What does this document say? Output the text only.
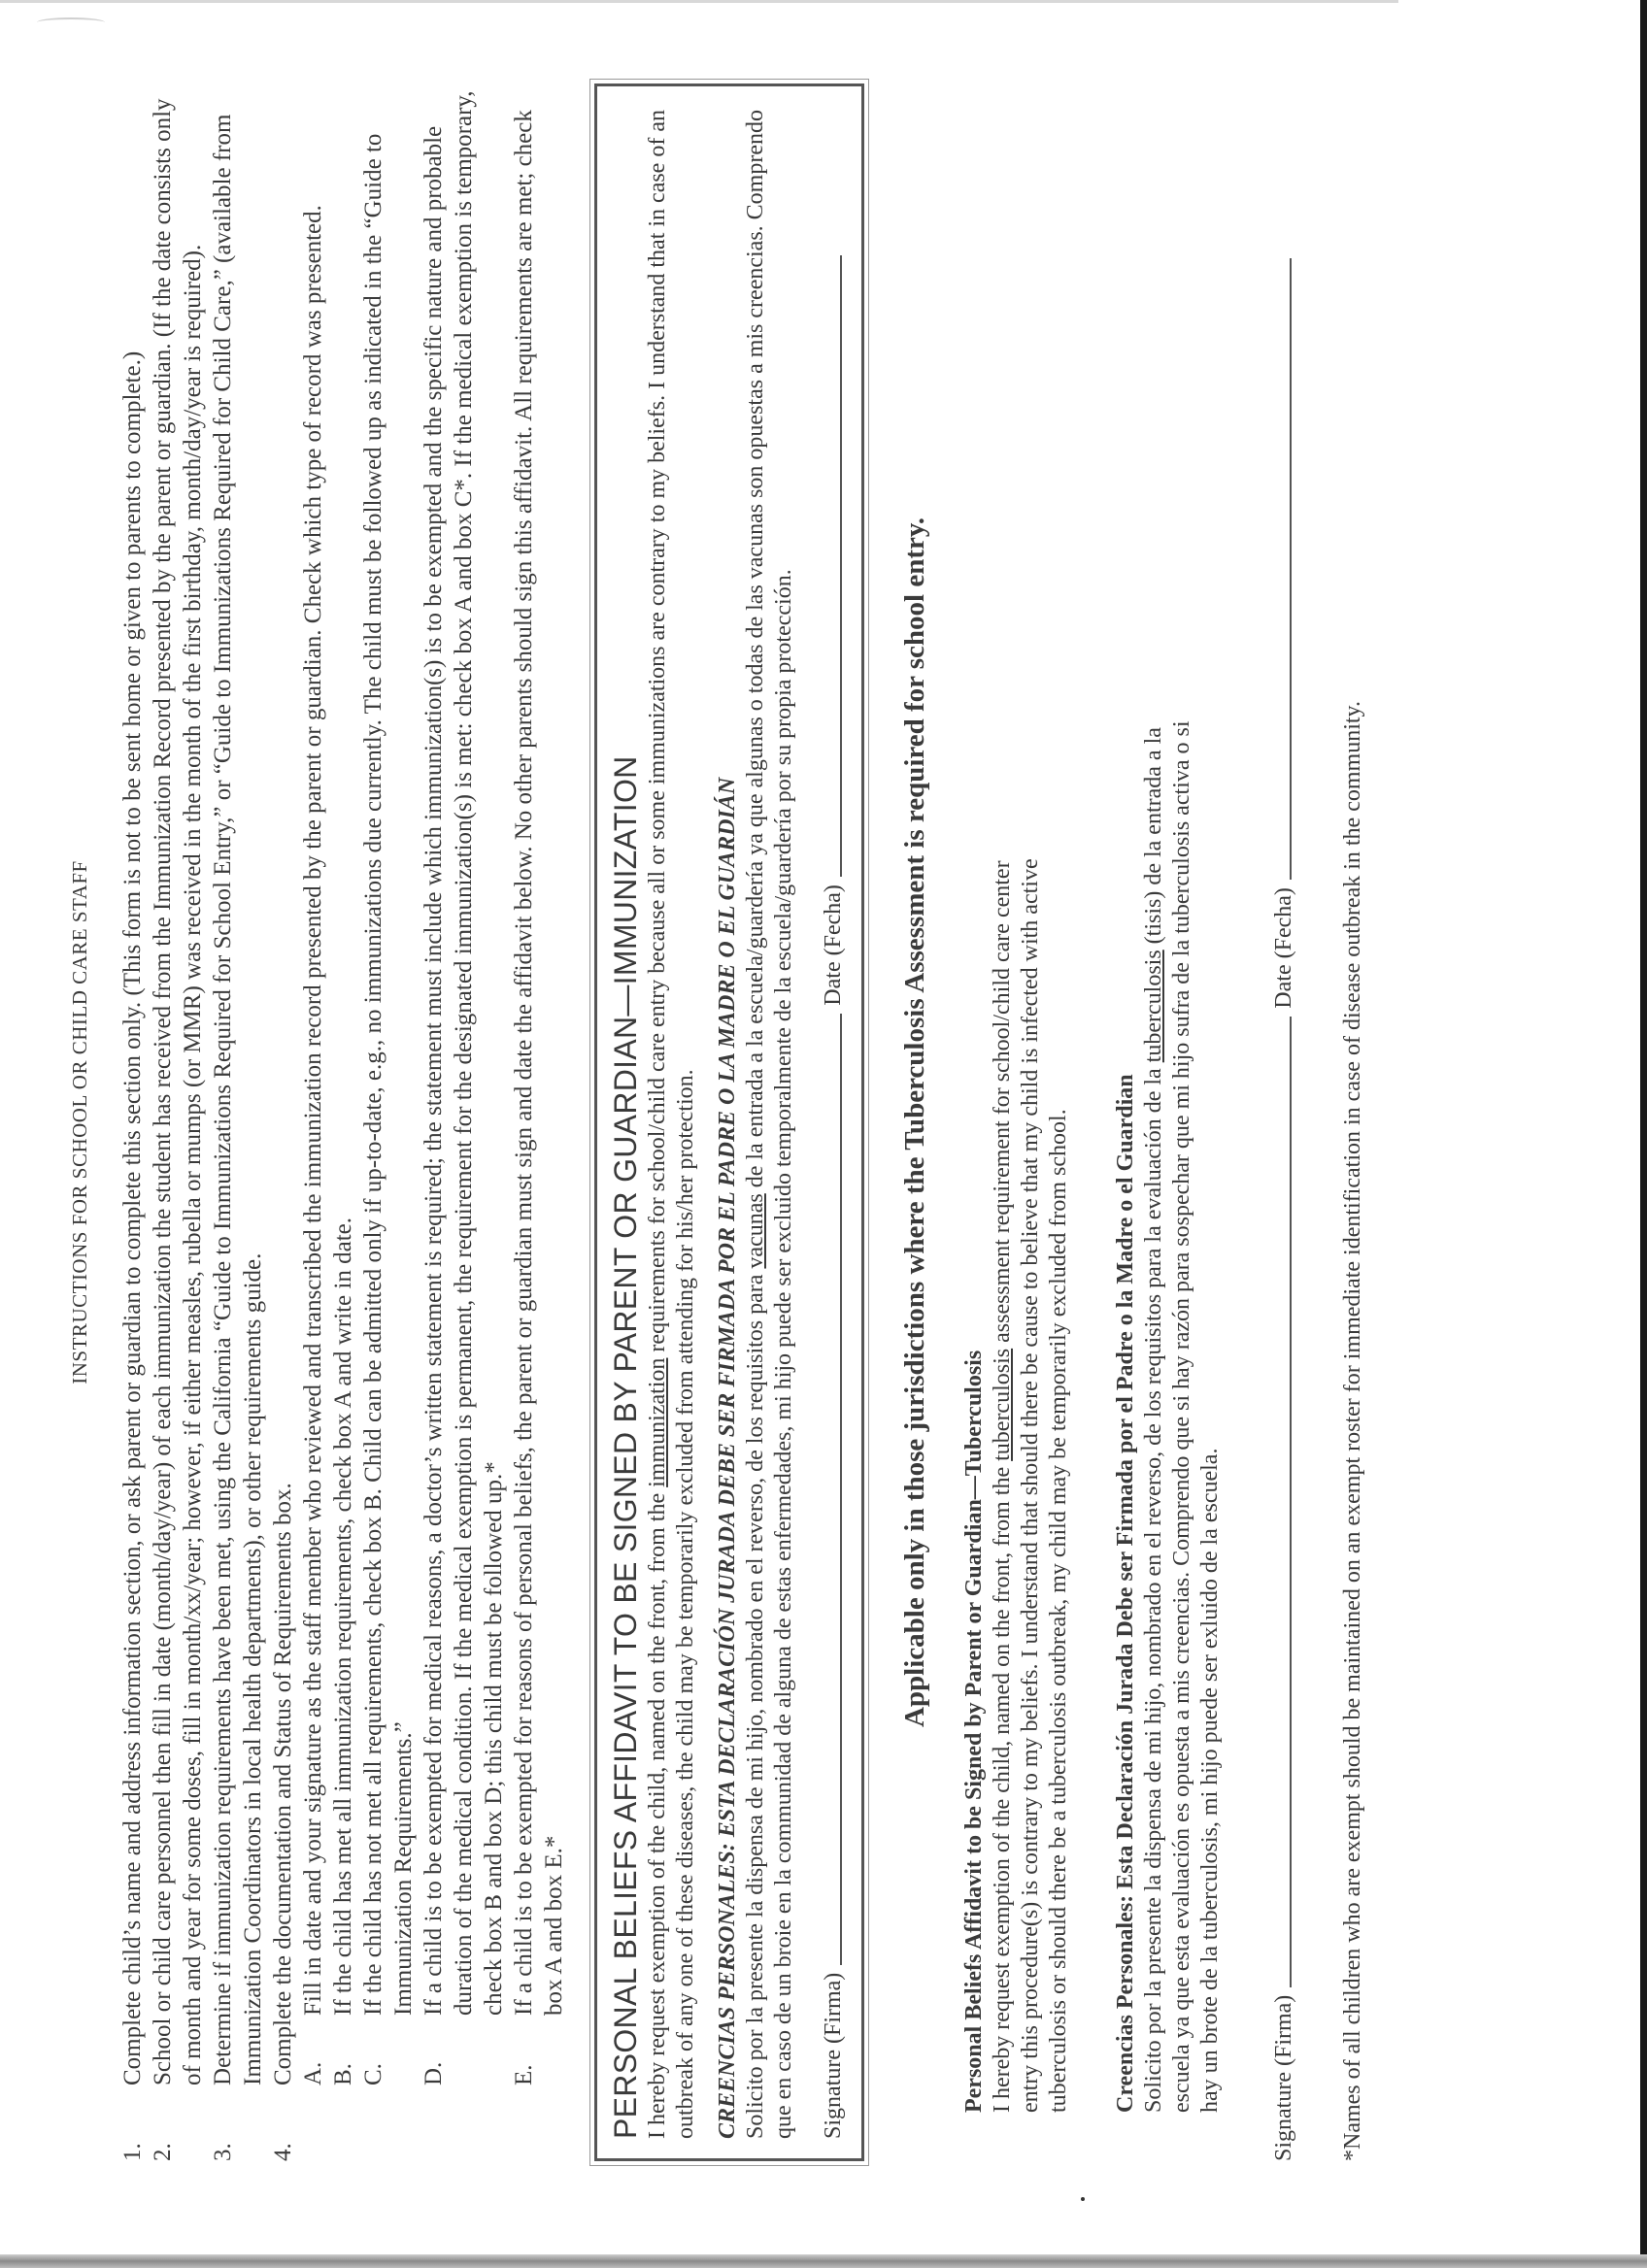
INSTRUCTIONS FOR SCHOOL OR CHILD CARE STAFF
1.
Complete child’s name and address information section, or ask parent or guardian to complete this section only. (This form is not to be sent home or given to parents to complete.)
2.
School or child care personnel then fill in date (month/day/year) of each immunization the student has received from the Immunization Record presented by the parent or guardian. (If the date consists only of month and year for some doses, fill in month/xx/year; however, if either measles, rubella or mumps (or MMR) was received in the month of the first birthday, month/day/year is required).
3.
Determine if immunization requirements have been met, using the California “Guide to Immunizations Required for School Entry,” or “Guide to Immunizations Required for Child Care,” (available from Immunization Coordinators in local health departments), or other requirements guide.
4.
Complete the documentation and Status of Requirements box. A.
Fill in date and your signature as the staff member who reviewed and transcribed the immunization record presented by the parent or guardian. Check which type of record was presented.
B.
If the child has met all immunization requirements, check box A and write in date.
C.
If the child has not met all requirements, check box B. Child can be admitted only if up-to-date, e.g., no immunizations due currently. The child must be followed up as indicated in the “Guide to Immunization Requirements.”
D.
If a child is to be exempted for medical reasons, a doctor’s written statement is required; the statement must include which immunization(s) is to be exempted and the specific nature and probable duration of the medical condition. If the medical exemption is permanent, the requirement for the designated immunization(s) is met: check box A and box C*. If the medical exemption is temporary, check box B and box D; this child must be followed up.*
E.
If a child is to be exempted for reasons of personal beliefs, the parent or guardian must sign and date the affidavit below. No other parents should sign this affidavit. All requirements are met; check box A and box E.* PERSONAL BELIEFS AFFIDAVIT TO BE SIGNED BY PARENT OR GUARDIAN—IMMUNIZATION I hereby request exemption of the child, named on the front, from the immunization requirements for school/child care entry because all or some immunizations are contrary to my beliefs. I understand that in case of an outbreak of any one of these diseases, the child may be temporarily excluded from attending for his/her protection. CREENCIAS PERSONALES: ESTA DECLARACIÓN JURADA DEBE SER FIRMADA POR EL PADRE O LA MADRE O EL GUARDIÁN Solicito por la presente la dispensa de mi hijo, nombrado en el reverso, de los requisitos para vacunas de la entrada a la escuela/guardería ya que algunas o todas de las vacunas son opuestas a mis creencias. Comprendo que en caso de un broie en la communidad de alguna de estas enfermedades, mi hijo puede ser excluido temporalmente de la escuela/guardería por su propia protección. Signature (Firma)
Date (Fecha) Applicable only in those jurisdictions where the Tuberculosis Assessment is required for school entry.

Personal Beliefs Affidavit to be Signed by Parent or Guardian—Tuberculosis I hereby request exemption of the child, named on the front, from the tuberculosis assessment requirement for school/child care center entry this procedure(s) is contrary to my beliefs. I understand that should there be cause to believe that my child is infected with active tuberculosis or should there be a tuberculosis outbreak, my child may be temporarily excluded from school. Creencias Personales: Esta Declaración Jurada Debe ser Firmada por el Padre o la Madre o el Guardian Solicito por la presente la dispensa de mi hijo, nombrado en el reverso, de los requisitos para la evaluación de la tuberculosis (tisis) de la entrada a la escuela ya que esta evaluación es opuesta a mis creencias. Comprendo que si hay razón para sospechar que mi hijo sufra de la tuberculosis activa o si hay un brote de la tuberculosis, mi hijo puede ser exluido de la escuela. Signature (Firma)
Date (Fecha) *Names of all children who are exempt should be maintained on an exempt roster for immediate identification in case of disease outbreak in the community.
